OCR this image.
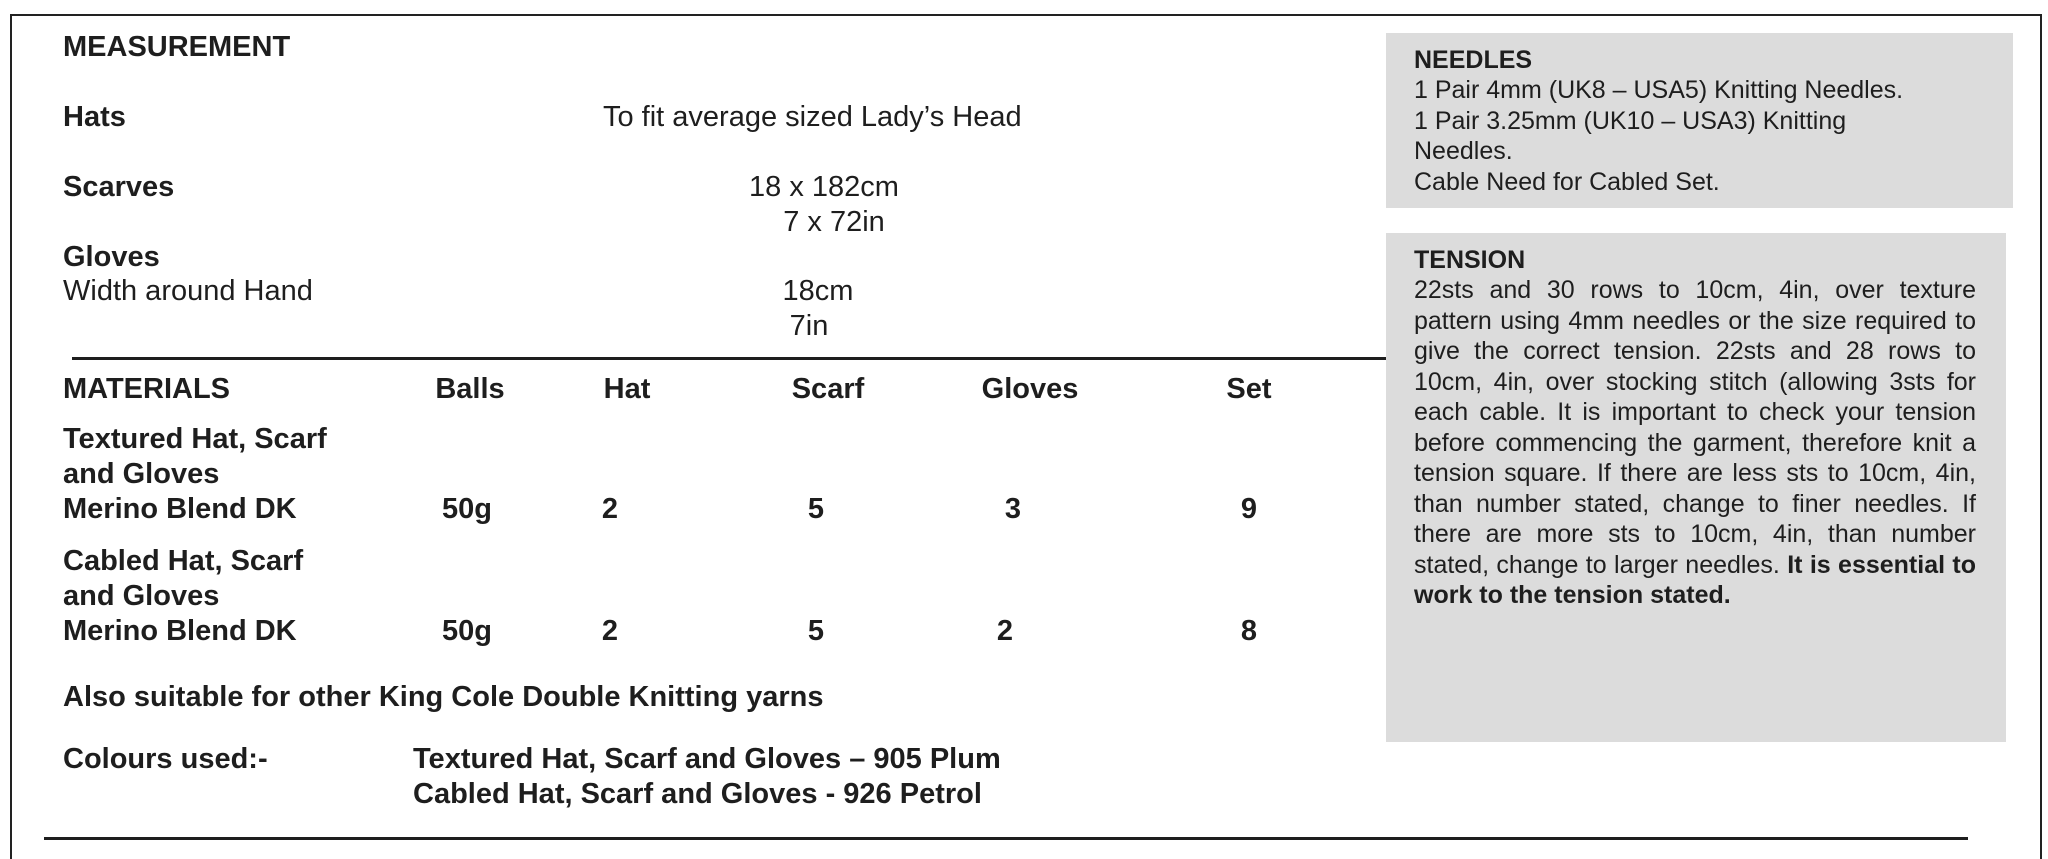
MEASUREMENT
Hats	To fit average sized Lady’s Head
Scarves	18 x 182cm
7 x 72in
Gloves
Width around Hand	18cm
7in
MATERIALS	Balls	Hat	Scarf	Gloves	Set
Textured Hat, Scarf
and Gloves
Merino Blend DK	50g	2	5	3	9
Cabled Hat, Scarf
and Gloves
Merino Blend DK	50g	2	5	2	8
Also suitable for other King Cole Double Knitting yarns
Colours used:-	Textured Hat, Scarf and Gloves – 905 Plum
Cabled Hat, Scarf and Gloves - 926 Petrol
NEEDLES
1 Pair 4mm (UK8 – USA5) Knitting Needles.
1 Pair 3.25mm (UK10 – USA3) Knitting Needles.
Cable Need for Cabled Set.
TENSION
22sts and 30 rows to 10cm, 4in, over texture pattern using 4mm needles or the size required to give the correct tension. 22sts and 28 rows to 10cm, 4in, over stocking stitch (allowing 3sts for each cable. It is important to check your tension before commencing the garment, therefore knit a tension square. If there are less sts to 10cm, 4in, than number stated, change to finer needles. If there are more sts to 10cm, 4in, than number stated, change to larger needles. It is essential to work to the tension stated.
